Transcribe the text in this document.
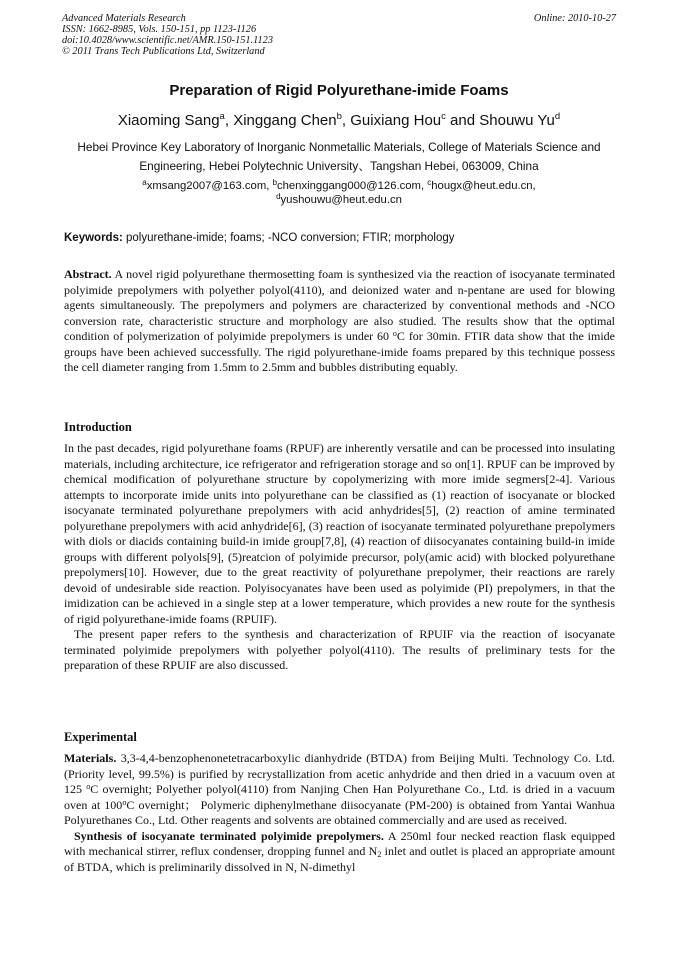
Advanced Materials Research
ISSN: 1662-8985, Vols. 150-151, pp 1123-1126
doi:10.4028/www.scientific.net/AMR.150-151.1123
© 2011 Trans Tech Publications Ltd, Switzerland
Online: 2010-10-27
Preparation of Rigid Polyurethane-imide Foams
Xiaoming Sang$^a$, Xinggang Chen$^b$, Guixiang Hou$^c$ and Shouwu Yu$^d$
Hebei Province Key Laboratory of Inorganic Nonmetallic Materials, College of Materials Science and Engineering, Hebei Polytechnic University、Tangshan Hebei, 063009, China
$^a$xmsang2007@163.com, $^b$chenxinggang000@126.com, $^c$hougx@heut.edu.cn,
$^d$yushouwu@heut.edu.cn
Keywords: polyurethane-imide; foams; -NCO conversion; FTIR; morphology

Abstract. A novel rigid polyurethane thermosetting foam is synthesized via the reaction of isocyanate terminated polyimide prepolymers with polyether polyol(4110), and deionized water and n-pentane are used for blowing agents simultaneously. The prepolymers and polymers are characterized by conventional methods and -NCO conversion rate, characteristic structure and morphology are also studied. The results show that the optimal condition of polymerization of polyimide prepolymers is under 60 $^o$C for 30min. FTIR data show that the imide groups have been achieved successfully. The rigid polyurethane-imide foams prepared by this technique possess the cell diameter ranging from 1.5mm to 2.5mm and bubbles distributing equably.

Introduction

In the past decades, rigid polyurethane foams (RPUF) are inherently versatile and can be processed into insulating materials, including architecture, ice refrigerator and refrigeration storage and so on[1]. RPUF can be improved by chemical modification of polyurethane structure by copolymerizing with more imide segmers[2-4]. Various attempts to incorporate imide units into polyurethane can be classified as (1) reaction of isocyanate or blocked isocyanate terminated polyurethane prepolymers with acid anhydrides[5], (2) reaction of amine terminated polyurethane prepolymers with acid anhydride[6], (3) reaction of isocyanate terminated polyurethane prepolymers with diols or diacids containing build-in imide group[7,8], (4) reaction of diisocyanates containing build-in imide groups with different polyols[9], (5)reatcion of polyimide precursor, poly(amic acid) with blocked polyurethane prepolymers[10]. However, due to the great reactivity of polyurethane prepolymer, their reactions are rarely devoid of undesirable side reaction. Polyisocyanates have been used as polyimide (PI) prepolymers, in that the imidization can be achieved in a single step at a lower temperature, which provides a new route for the synthesis of rigid polyurethane-imide foams (RPUIF).

The present paper refers to the synthesis and characterization of RPUIF via the reaction of isocyanate terminated polyimide prepolymers with polyether polyol(4110). The results of preliminary tests for the preparation of these RPUIF are also discussed.

Experimental

Materials. 3,3-4,4-benzophenonetetracarboxylic dianhydride (BTDA) from Beijing Multi. Technology Co. Ltd.(Priority level, 99.5%) is purified by recrystallization from acetic anhydride and then dried in a vacuum oven at 125 $^o$C overnight; Polyether polyol(4110) from Nanjing Chen Han Polyurethane Co., Ltd. is dried in a vacuum oven at 100$^o$C overnight； Polymeric diphenylmethane diisocyanate (PM-200) is obtained from Yantai Wanhua Polyurethanes Co., Ltd. Other reagents and solvents are obtained commercially and are used as received.

Synthesis of isocyanate terminated polyimide prepolymers. A 250ml four necked reaction flask equipped with mechanical stirrer, reflux condenser, dropping funnel and $N_2$ inlet and outlet is placed an appropriate amount of BTDA, which is preliminarily dissolved in N, N-dimethyl
